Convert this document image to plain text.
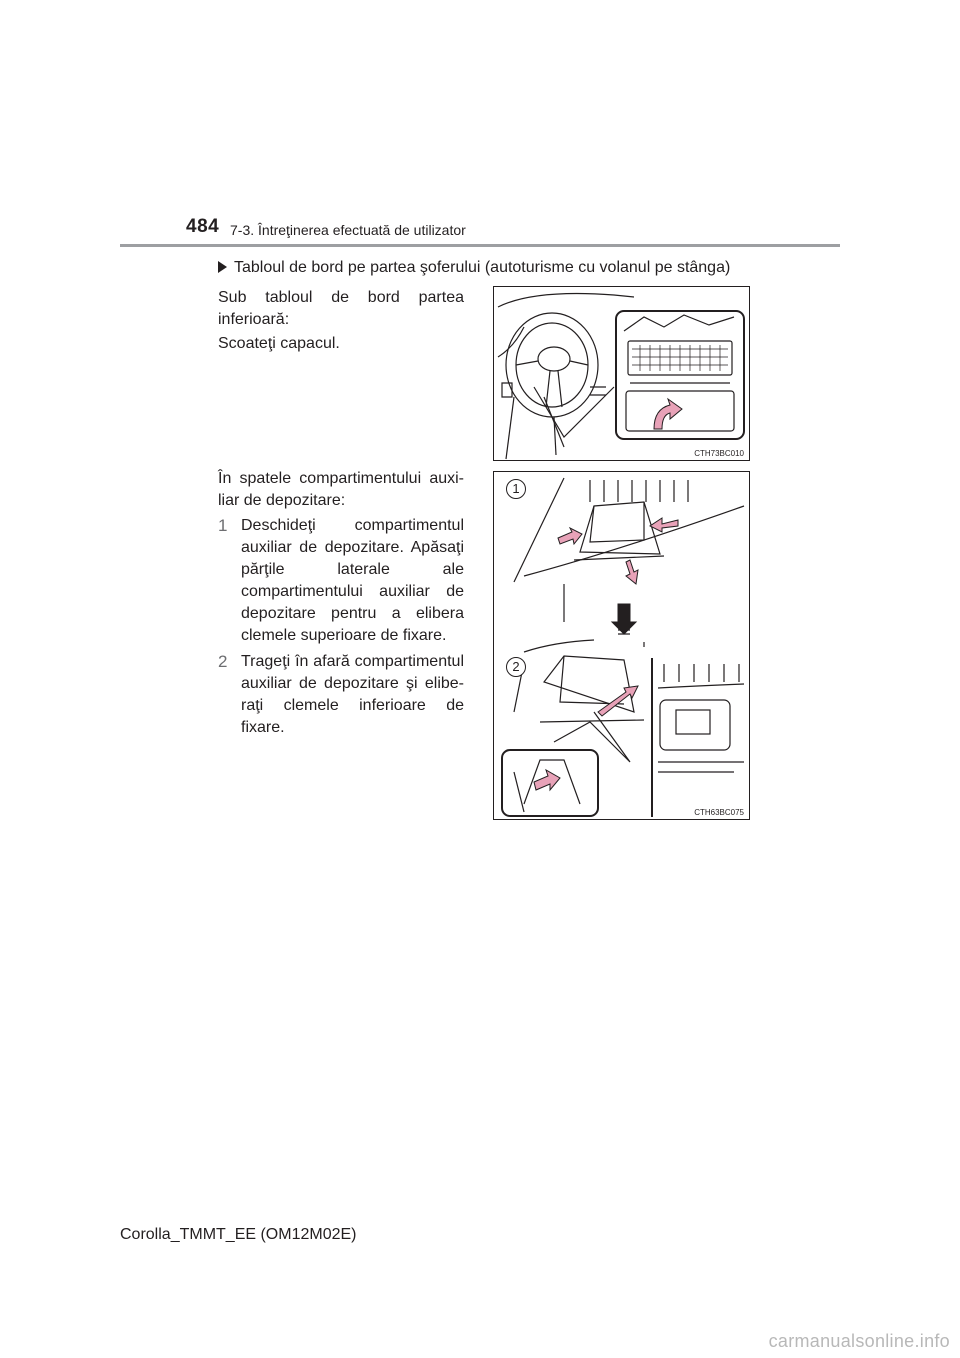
484 7-3. Întreţinerea efectuată de utilizator
Tabloul de bord pe partea şoferului (autoturisme cu volanul pe stânga)
Sub tabloul de bord partea inferioară:
Scoateţi capacul.
CTH73BC010
În spatele compartimentului auxiliar de depozitare:
1 Deschideţi compartimentul auxiliar de depozitare. Apăsaţi părţile laterale ale compartimentului auxiliar de depozitare pentru a elibera clemele superioare de fixare.
2 Trageţi în afară compartimentul auxiliar de depozitare şi eliberaţi clemele inferioare de fixare.
1
2
CTH63BC075
Corolla_TMMT_EE (OM12M02E)
carmanualsonline.info
